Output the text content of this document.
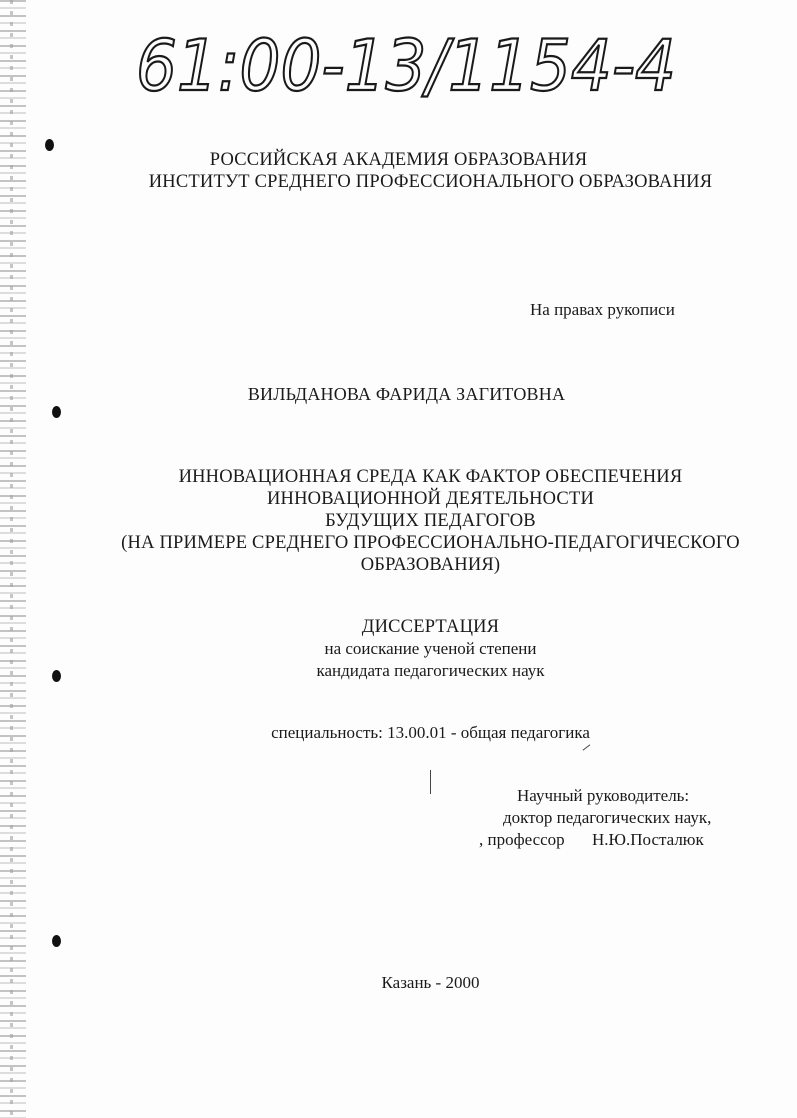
61:00-13/1154-4

РОССИЙСКАЯ АКАДЕМИЯ ОБРАЗОВАНИЯ

ИНСТИТУТ СРЕДНЕГО ПРОФЕССИОНАЛЬНОГО ОБРАЗОВАНИЯ

На правах рукописи

ВИЛЬДАНОВА ФАРИДА ЗАГИТОВНА

ИННОВАЦИОННАЯ СРЕДА КАК ФАКТОР ОБЕСПЕЧЕНИЯ

ИННОВАЦИОННОЙ ДЕЯТЕЛЬНОСТИ

БУДУЩИХ ПЕДАГОГОВ

(НА ПРИМЕРЕ СРЕДНЕГО ПРОФЕССИОНАЛЬНО-ПЕДАГОГИЧЕСКОГО

ОБРАЗОВАНИЯ)

ДИССЕРТАЦИЯ

на соискание ученой степени

кандидата педагогических наук

специальность: 13.00.01 - общая педагогика

Научный руководитель:
доктор педагогических наук,
, профессор Н.Ю.Посталюк

Казань - 2000
